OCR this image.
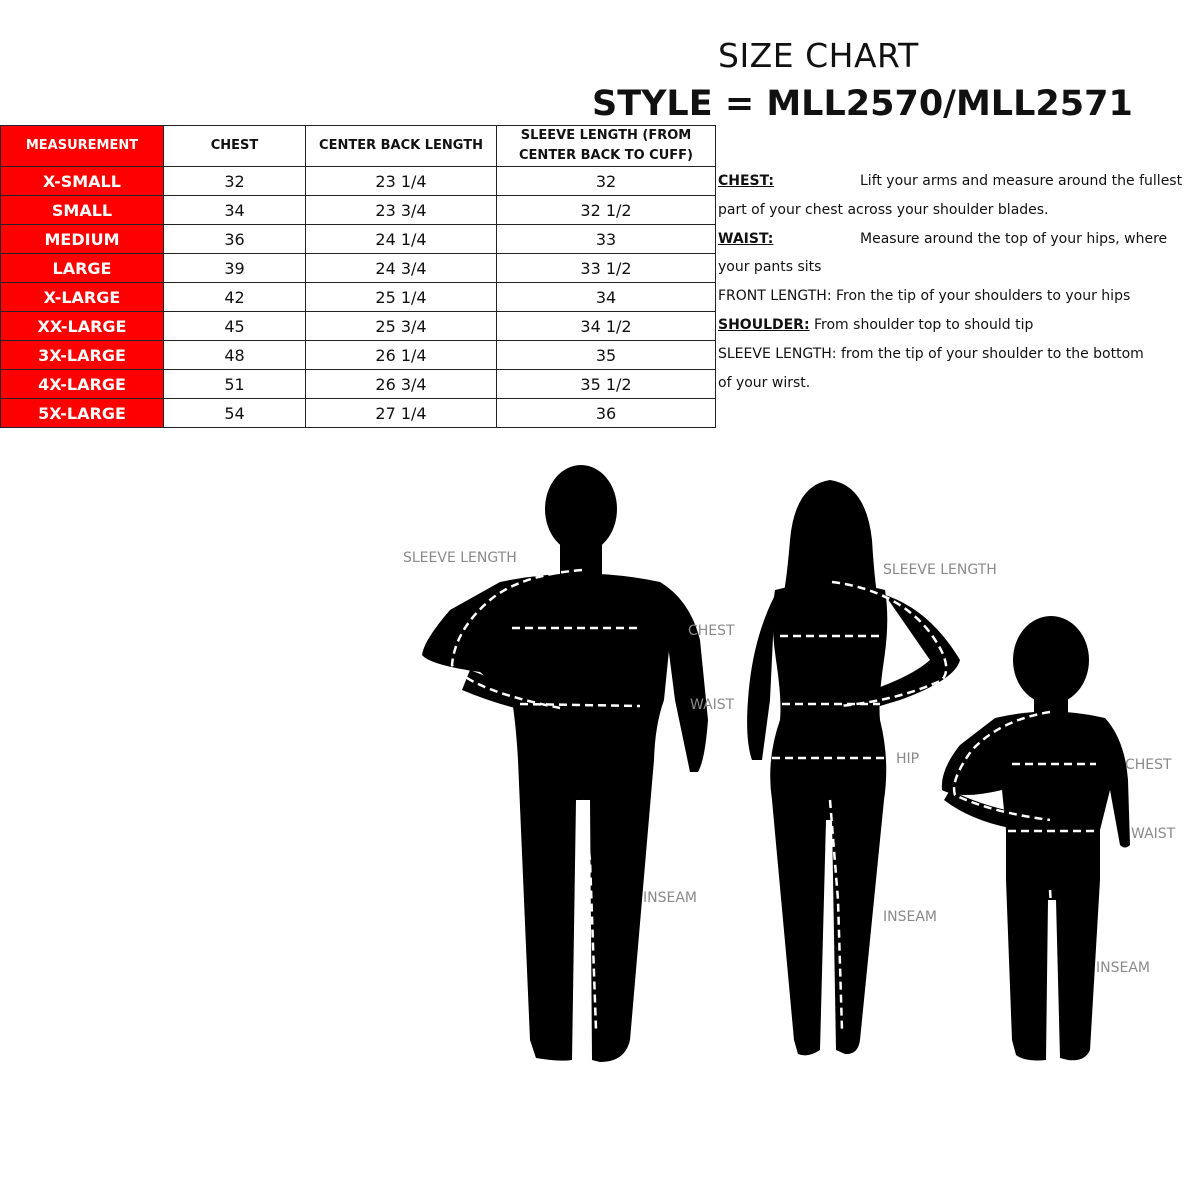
SIZE CHART
STYLE = MLL2570/MLL2571
MEASUREMENT	CHEST	CENTER BACK LENGTH	SLEEVE LENGTH (FROM CENTER BACK TO CUFF)
X-SMALL	32	23 1/4	32
SMALL	34	23 3/4	32 1/2
MEDIUM	36	24 1/4	33
LARGE	39	24 3/4	33 1/2
X-LARGE	42	25 1/4	34
XX-LARGE	45	25 3/4	34 1/2
3X-LARGE	48	26 1/4	35
4X-LARGE	51	26 3/4	35 1/2
5X-LARGE	54	27 1/4	36
CHEST:	Lift your arms and measure around the fullest
part of your chest across your shoulder blades.
WAIST:	Measure around the top of your hips, where
your pants sits
FRONT LENGTH: Fron the tip of your shoulders to your hips
SHOULDER: From shoulder top to should tip
SLEEVE LENGTH: from the tip of your shoulder to the bottom
of your wirst.
SLEEVE LENGTH
CHEST
WAIST
INSEAM
SLEEVE LENGTH
HIP
INSEAM
CHEST
WAIST
INSEAM
